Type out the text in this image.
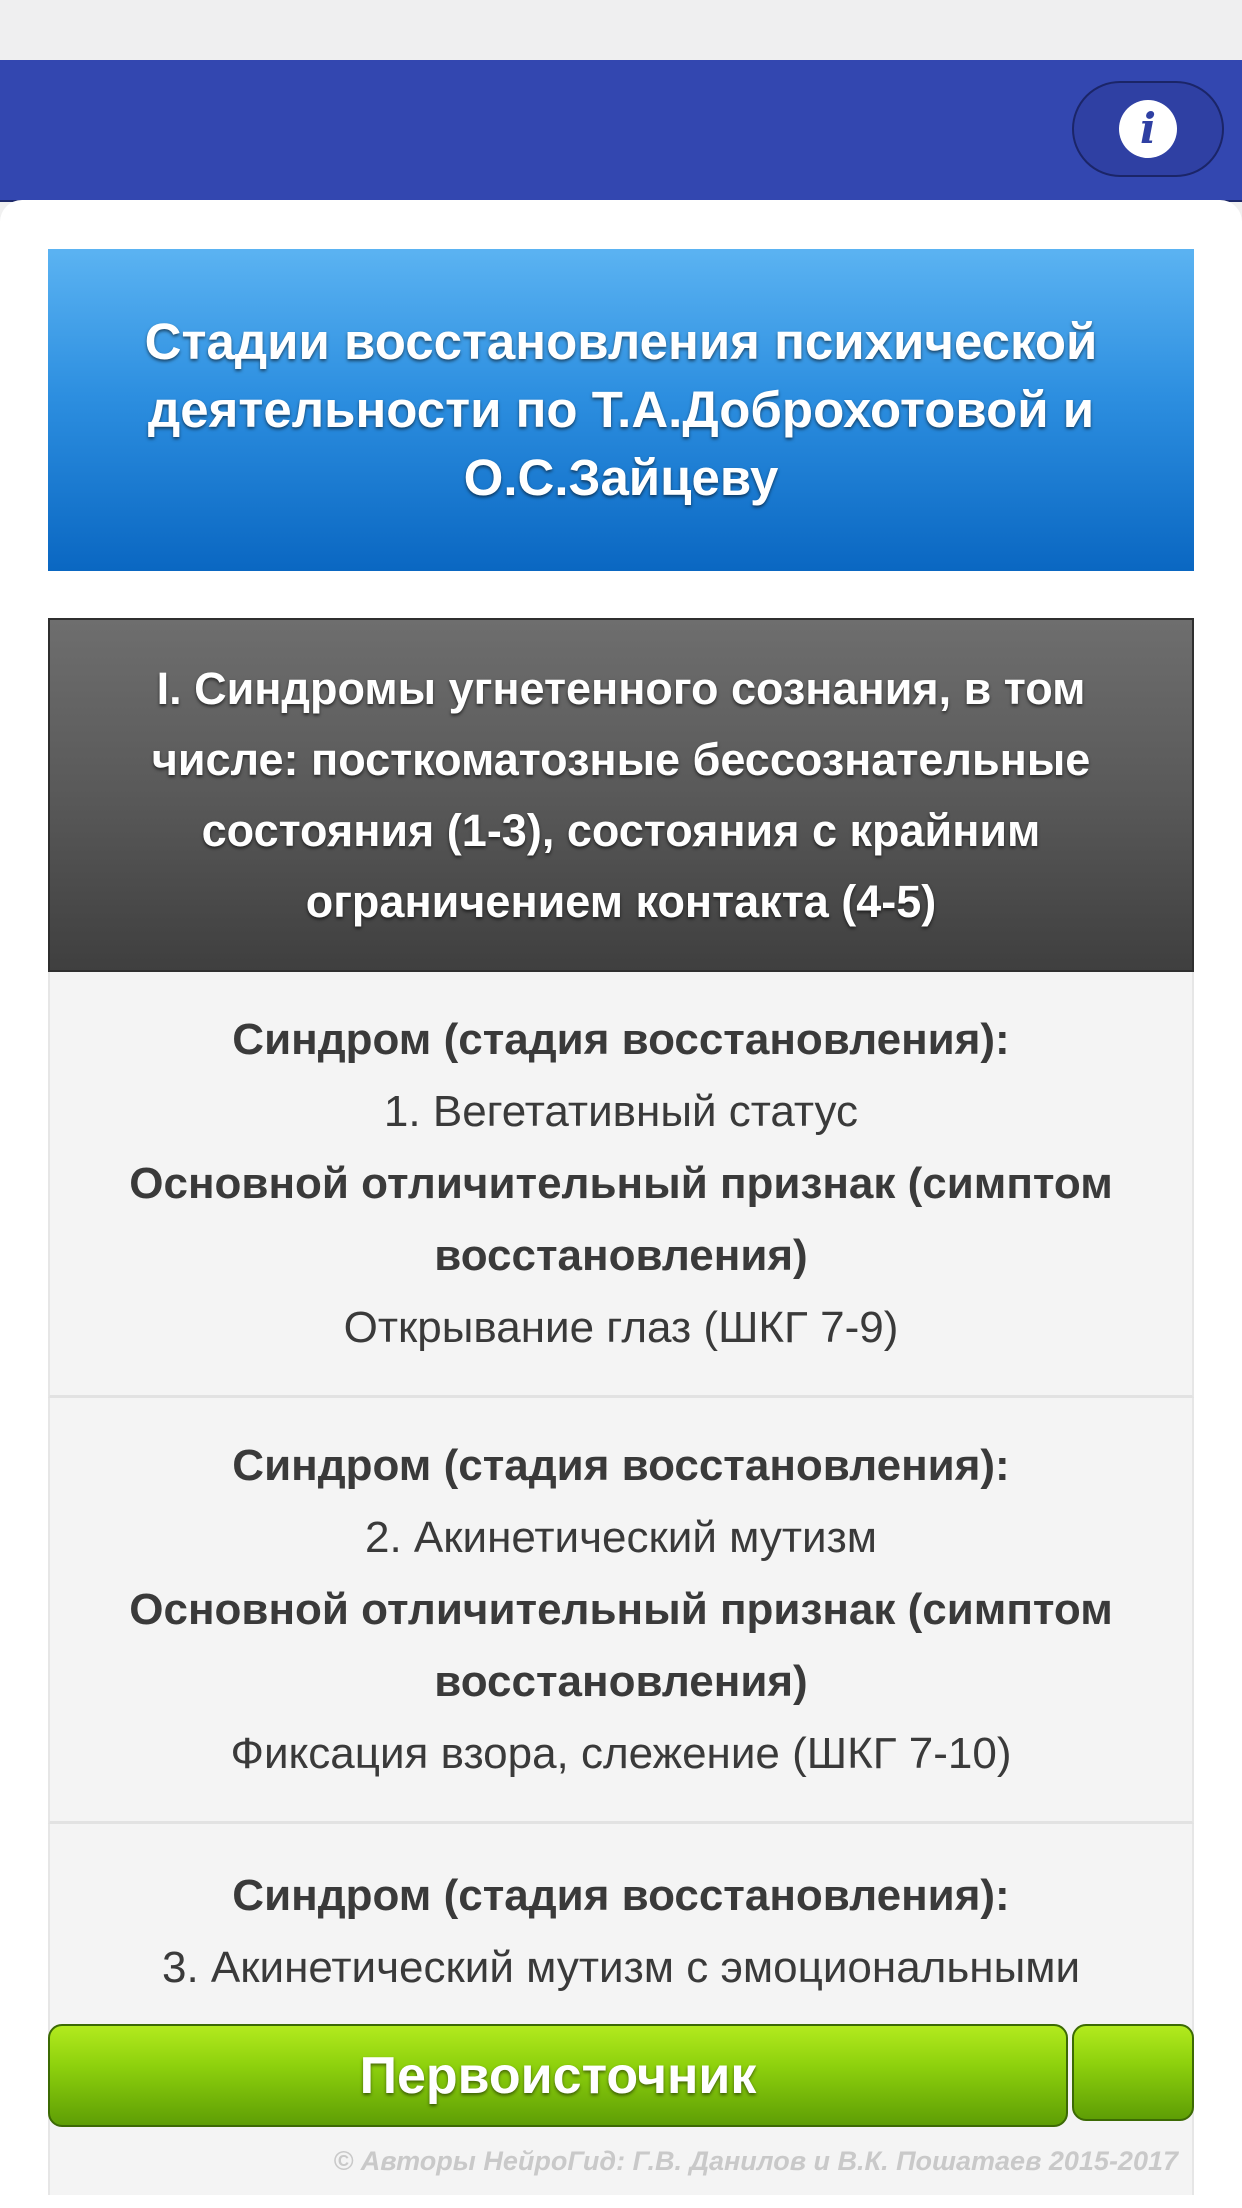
i
Стадии восстановления психической деятельности по Т.А.Доброхотовой и О.С.Зайцеву
I. Синдромы угнетенного сознания, в том числе: посткоматозные бессознательные состояния (1-3), состояния с крайним ограничением контакта (4-5)
Синдром (стадия восстановления):
1. Вегетативный статус
Основной отличительный признак (симптом восстановления)
Открывание глаз (ШКГ 7-9)
Синдром (стадия восстановления):
2. Акинетический мутизм
Основной отличительный признак (симптом восстановления)
Фиксация взора, слежение (ШКГ 7-10)
Синдром (стадия восстановления):
3. Акинетический мутизм с эмоциональными
Первоисточник
© Авторы НейроГид: Г.В. Данилов и В.К. Пошатаев 2015-2017
